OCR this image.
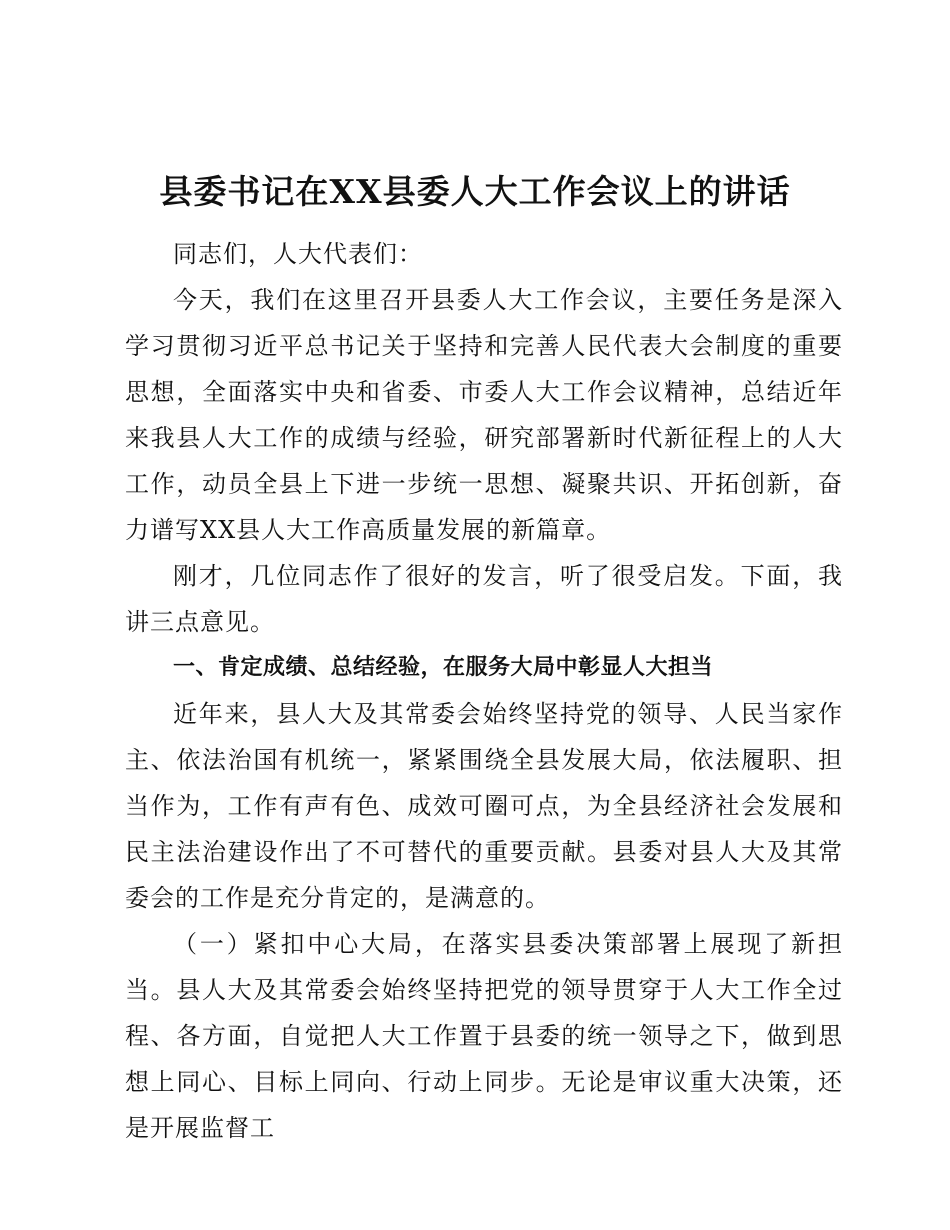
县委书记在XX县委人大工作会议上的讲话

同志们，人大代表们：

今天，我们在这里召开县委人大工作会议，主要任务是深入学习贯彻习近平总书记关于坚持和完善人民代表大会制度的重要思想，全面落实中央和省委、市委人大工作会议精神，总结近年来我县人大工作的成绩与经验，研究部署新时代新征程上的人大工作，动员全县上下进一步统一思想、凝聚共识、开拓创新，奋力谱写XX县人大工作高质量发展的新篇章。

刚才，几位同志作了很好的发言，听了很受启发。下面，我讲三点意见。

一、肯定成绩、总结经验，在服务大局中彰显人大担当

近年来，县人大及其常委会始终坚持党的领导、人民当家作主、依法治国有机统一，紧紧围绕全县发展大局，依法履职、担当作为，工作有声有色、成效可圈可点，为全县经济社会发展和民主法治建设作出了不可替代的重要贡献。县委对县人大及其常委会的工作是充分肯定的，是满意的。

（一）紧扣中心大局，在落实县委决策部署上展现了新担当。县人大及其常委会始终坚持把党的领导贯穿于人大工作全过程、各方面，自觉把人大工作置于县委的统一领导之下，做到思想上同心、目标上同向、行动上同步。无论是审议重大决策，还是开展监督工
